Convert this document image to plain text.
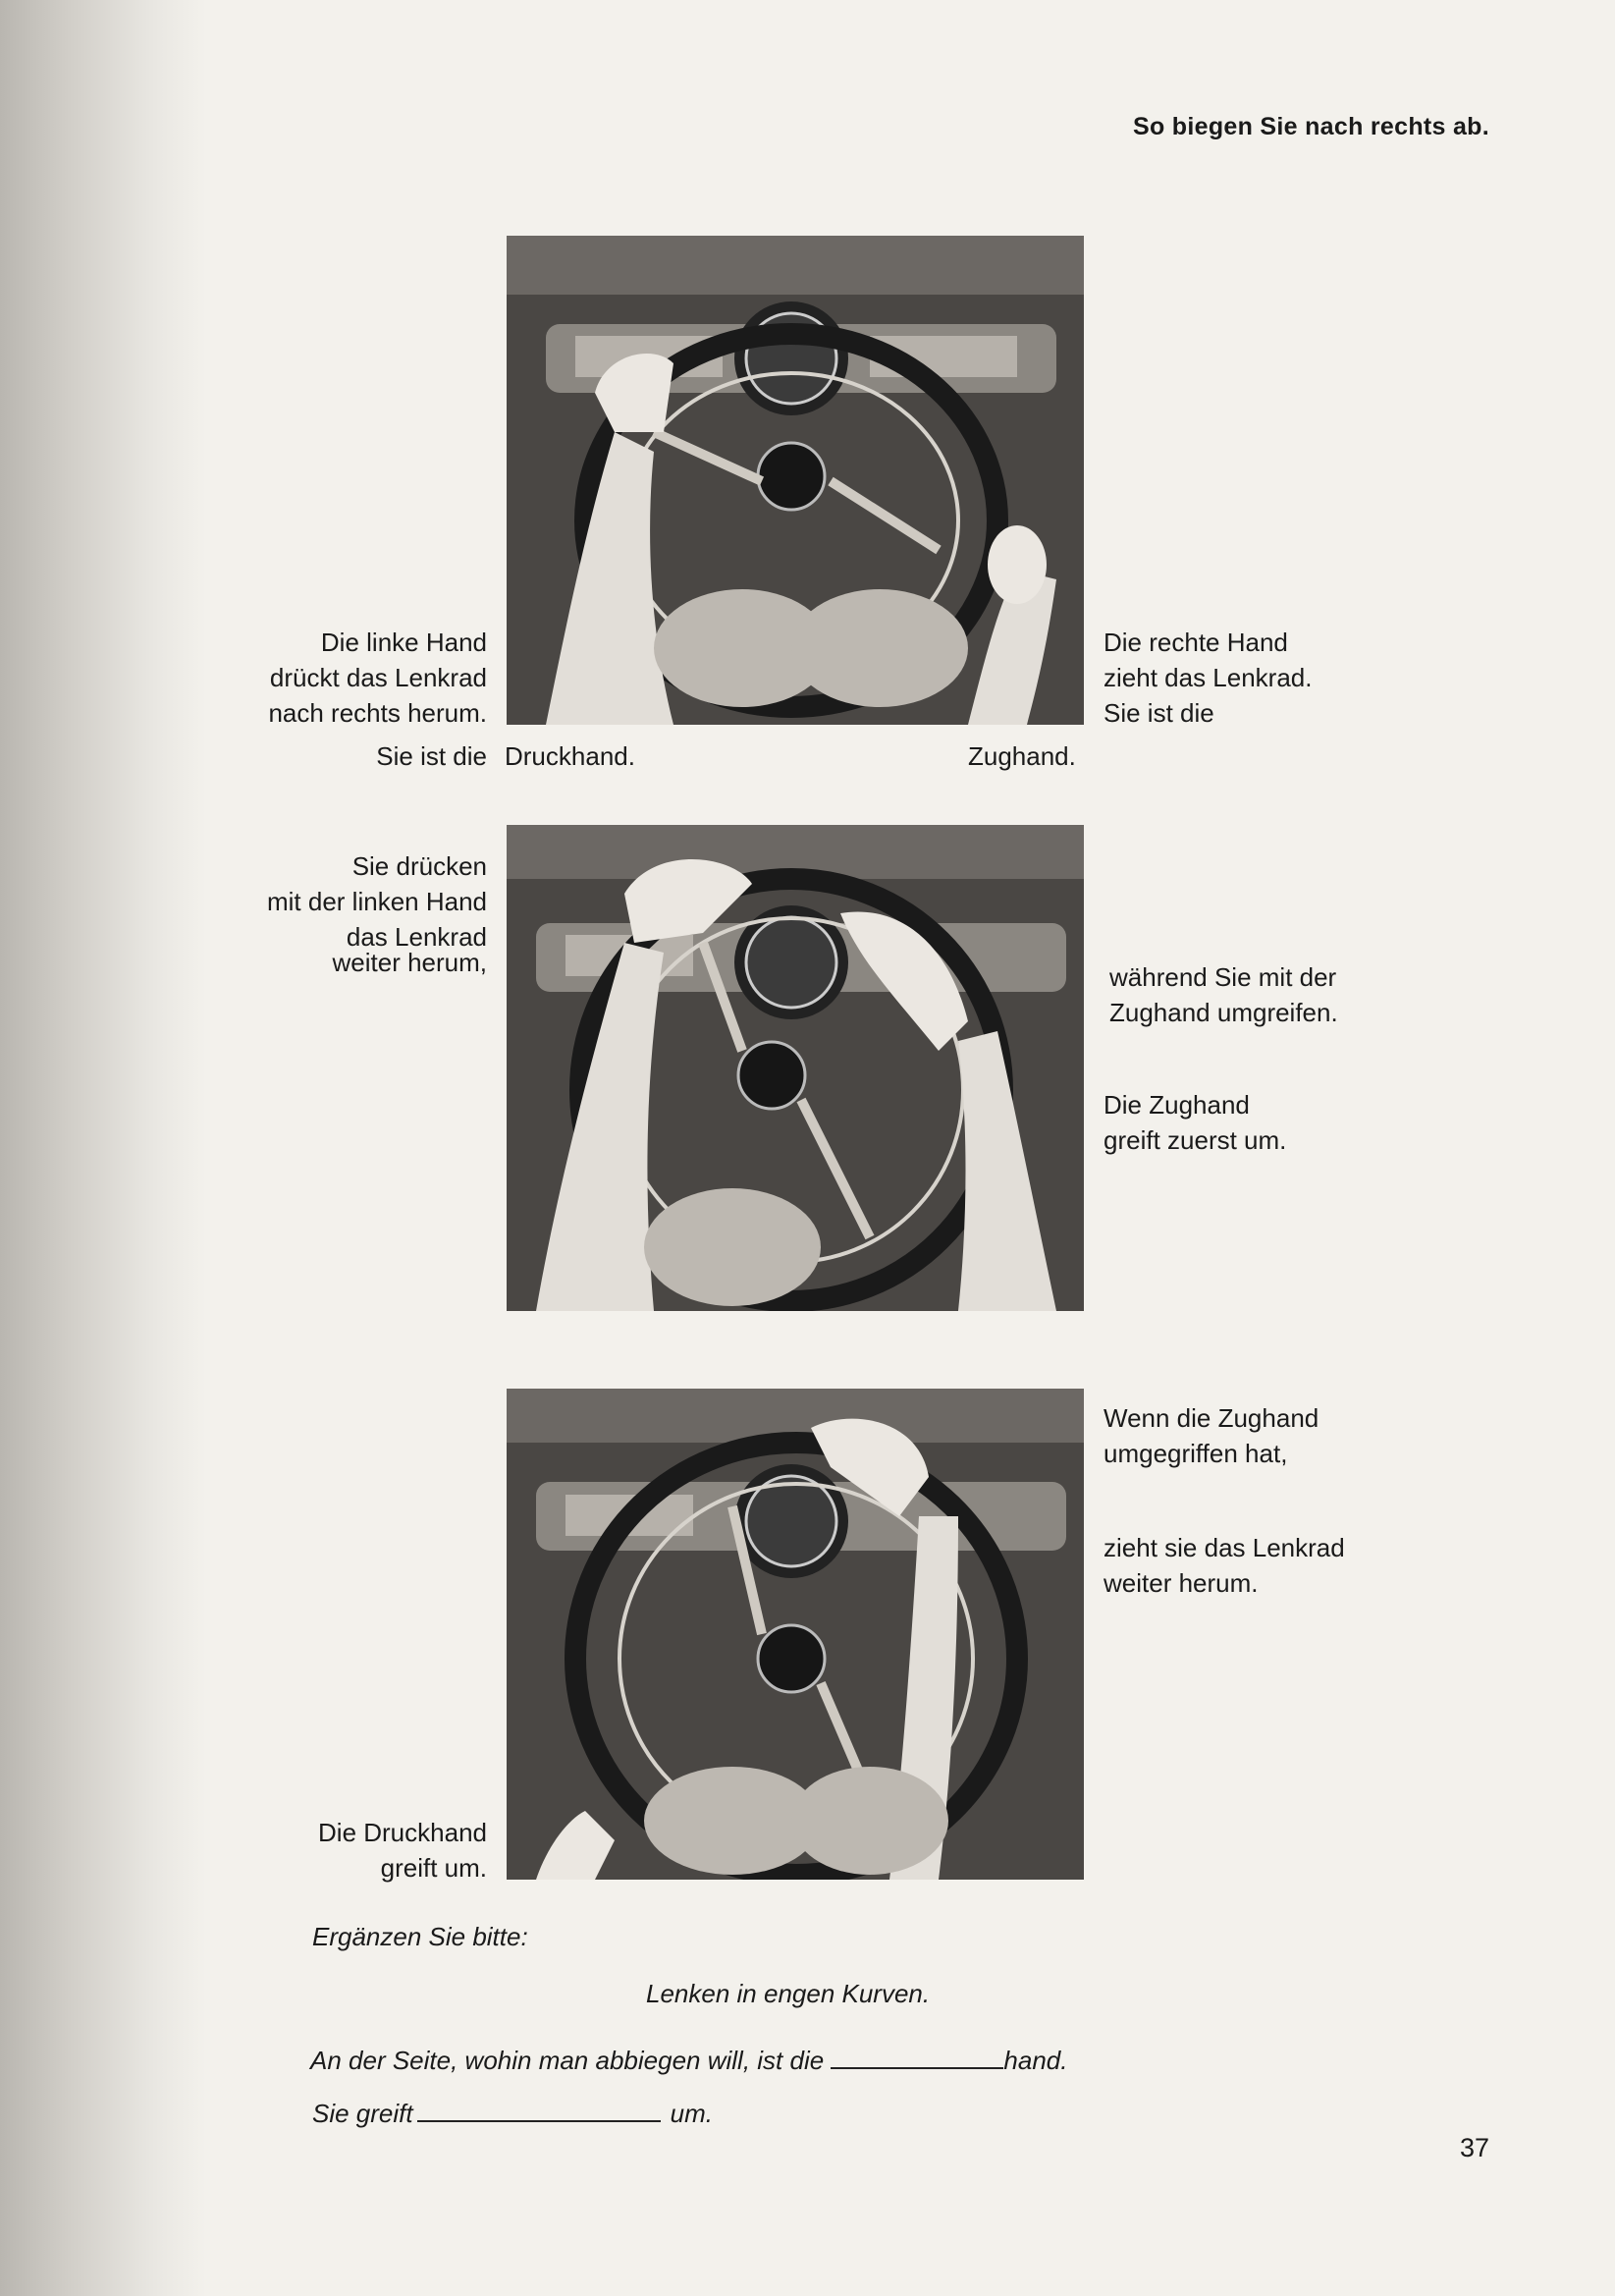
So biegen Sie nach rechts ab.
Die linke Hand
drückt das Lenkrad
nach rechts herum.
Sie ist die Druckhand.	Zughand.
Die rechte Hand
zieht das Lenkrad.
Sie ist die
Sie drücken
mit der linken Hand
das Lenkrad
weiter herum,	während Sie mit der
Zughand umgreifen.
Die Zughand
greift zuerst um.
Wenn die Zughand
umgegriffen hat,
zieht sie das Lenkrad
weiter herum.
Die Druckhand
greift um.
Ergänzen Sie bitte:
Lenken in engen Kurven.
An der Seite, wohin man abbiegen will, ist die	hand.
Sie greift	um.
37
